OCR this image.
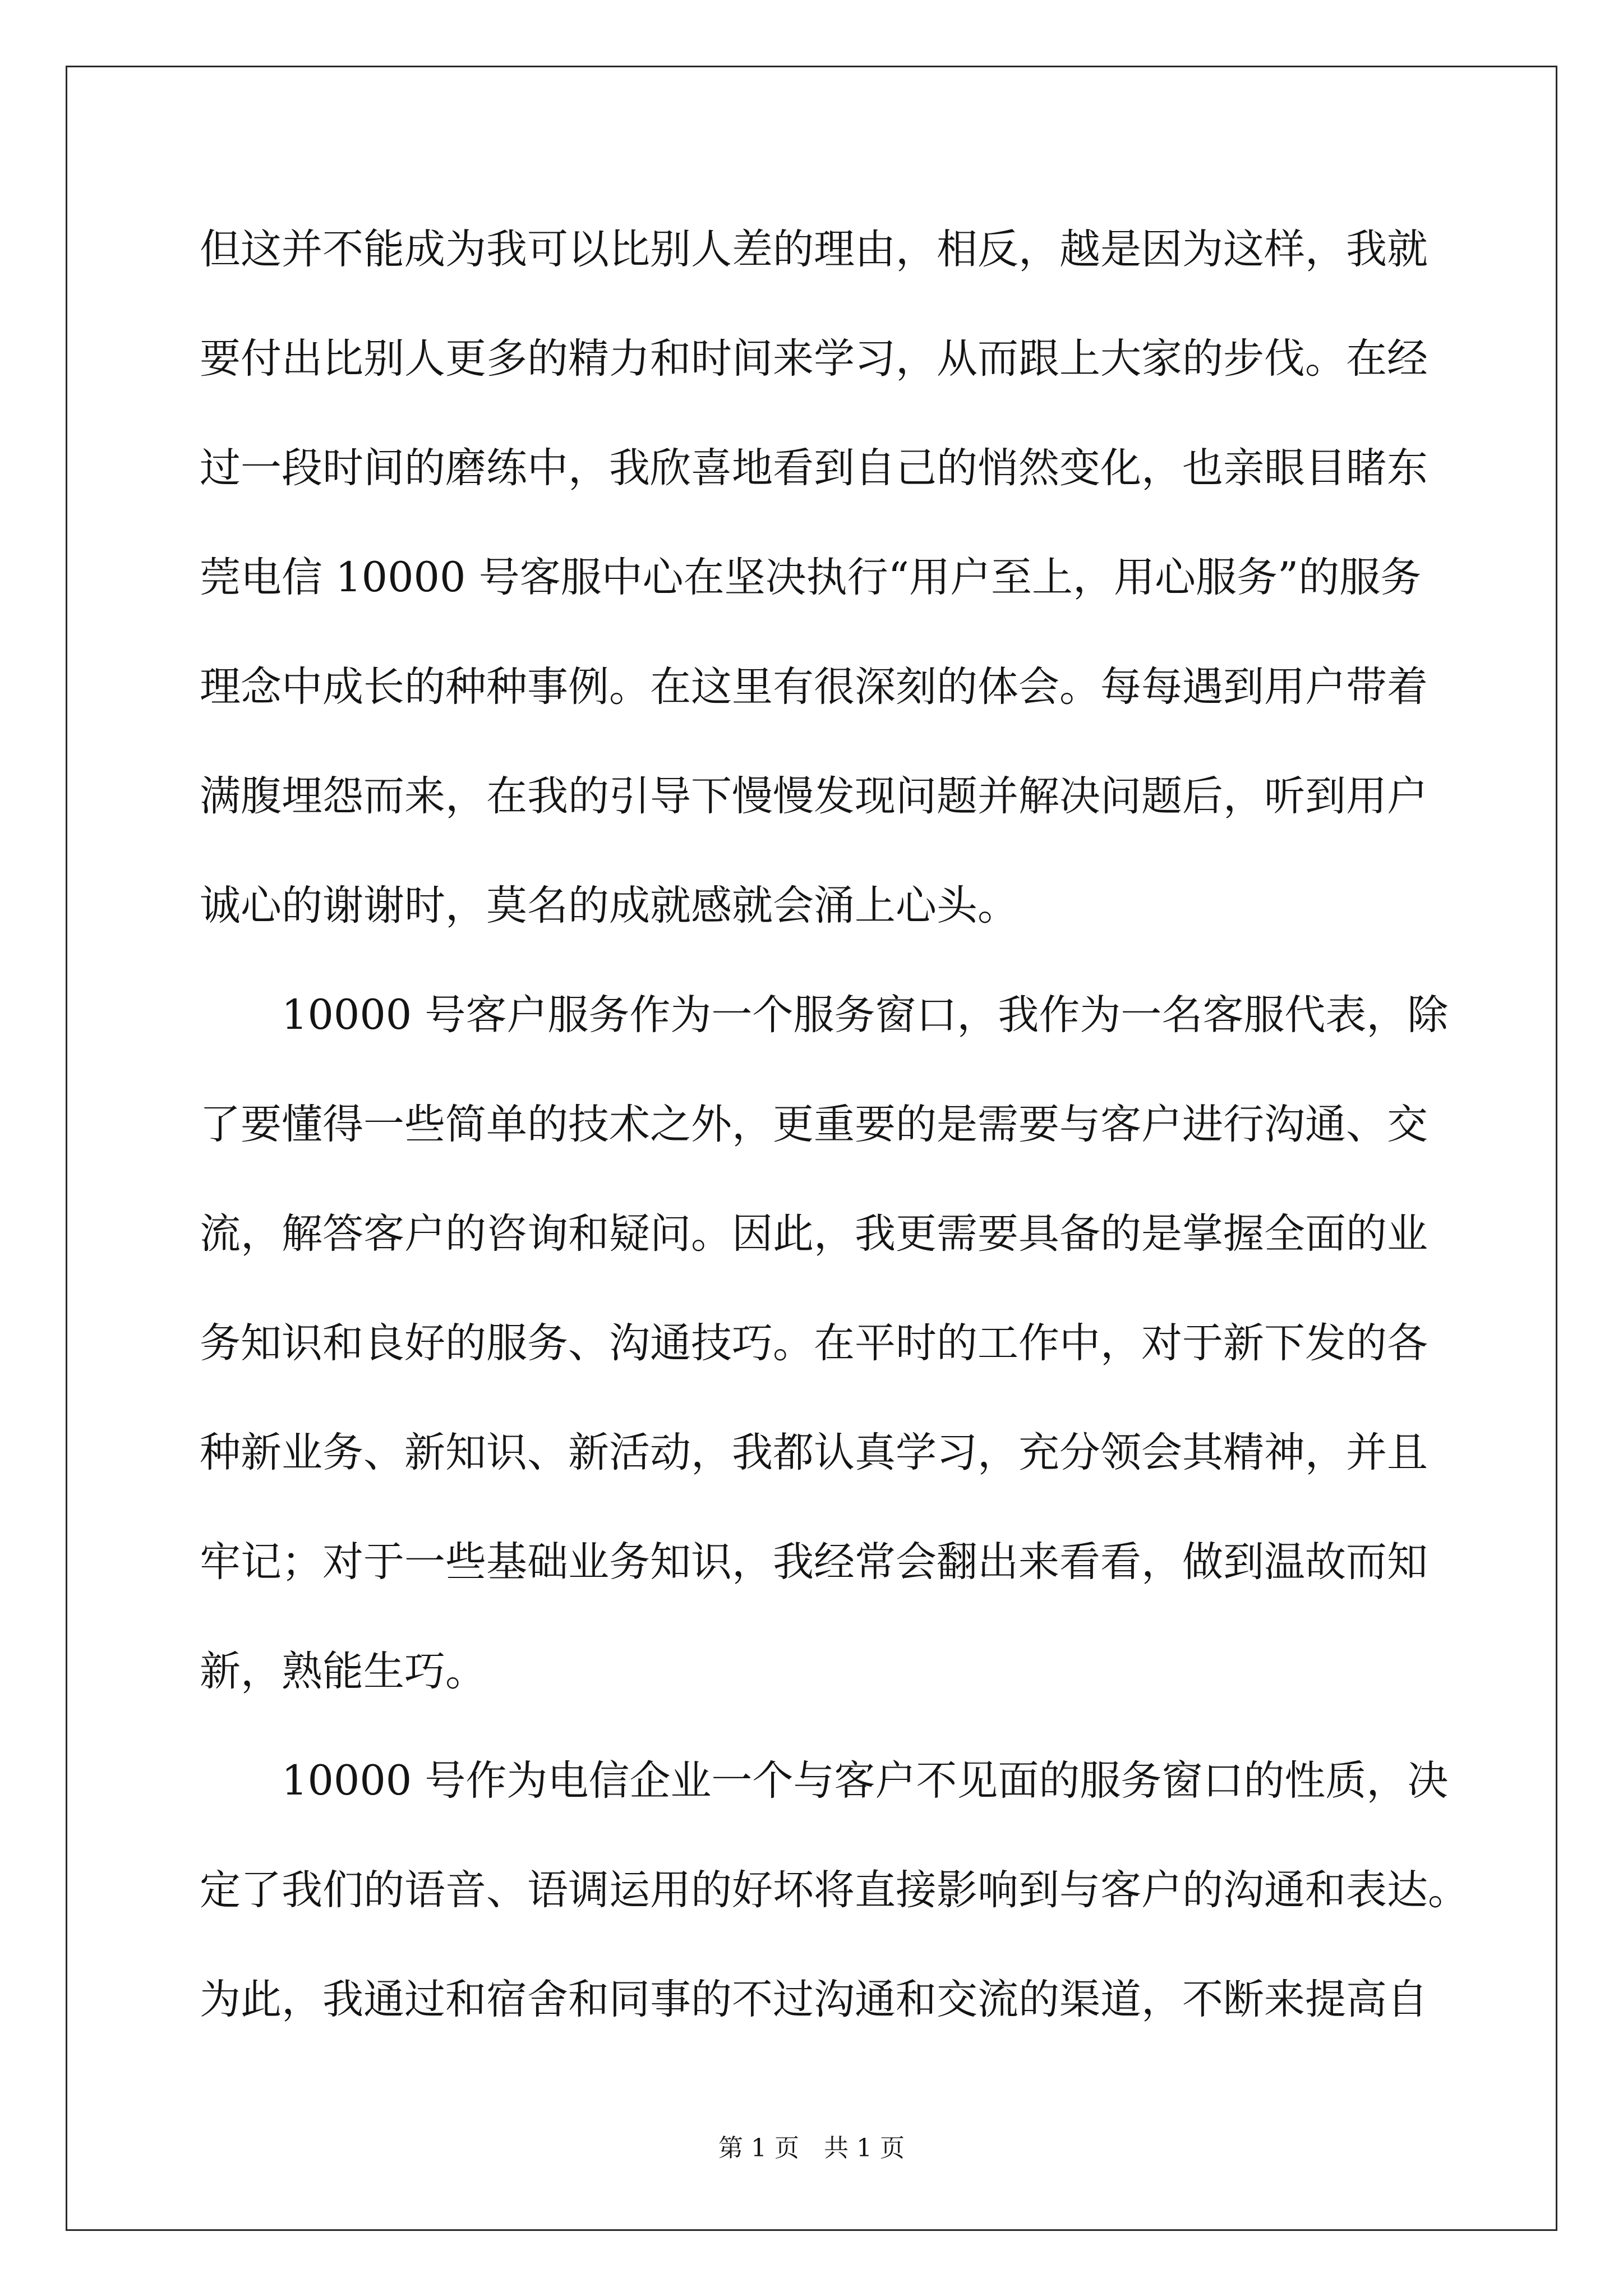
但这并不能成为我可以比别人差的理由，相反，越是因为这样，我就
要付出比别人更多的精力和时间来学习，从而跟上大家的步伐。在经
过一段时间的磨练中，我欣喜地看到自己的悄然变化，也亲眼目睹东
莞电信 10000 号客服中心在坚决执行“用户至上，用心服务”的服务
理念中成长的种种事例。在这里有很深刻的体会。每每遇到用户带着
满腹埋怨而来，在我的引导下慢慢发现问题并解决问题后，听到用户
诚心的谢谢时，莫名的成就感就会涌上心头。
10000 号客户服务作为一个服务窗口，我作为一名客服代表，除
了要懂得一些简单的技术之外，更重要的是需要与客户进行沟通、交
流，解答客户的咨询和疑问。因此，我更需要具备的是掌握全面的业
务知识和良好的服务、沟通技巧。在平时的工作中，对于新下发的各
种新业务、新知识、新活动，我都认真学习，充分领会其精神，并且
牢记；对于一些基础业务知识，我经常会翻出来看看，做到温故而知
新，熟能生巧。
10000 号作为电信企业一个与客户不见面的服务窗口的性质，决
定了我们的语音、语调运用的好坏将直接影响到与客户的沟通和表达。
为此，我通过和宿舍和同事的不过沟通和交流的渠道，不断来提高自
第 1 页　共 1 页
